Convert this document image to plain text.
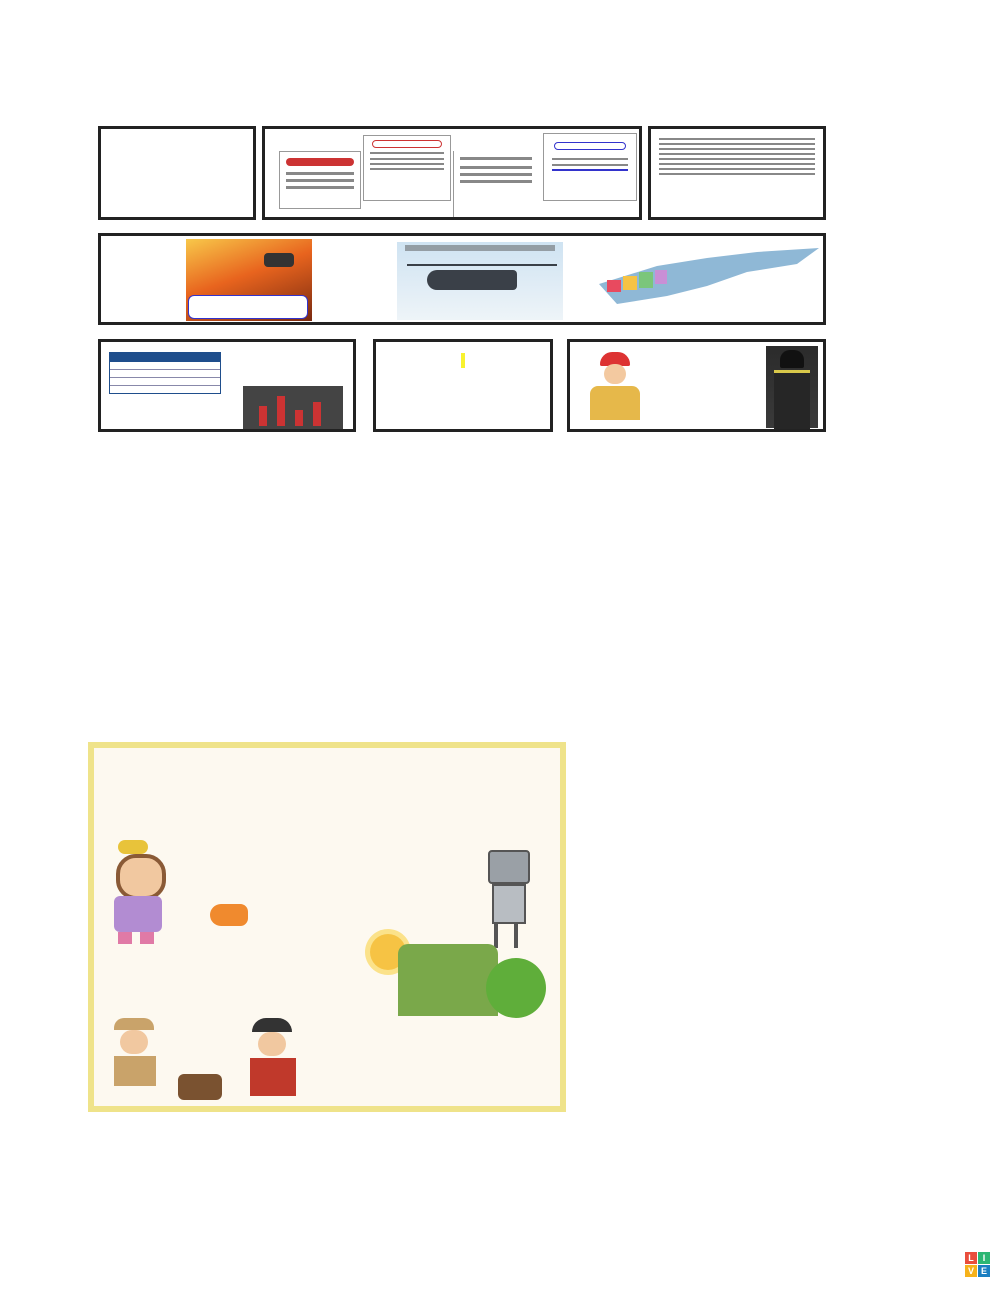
L I
V E
